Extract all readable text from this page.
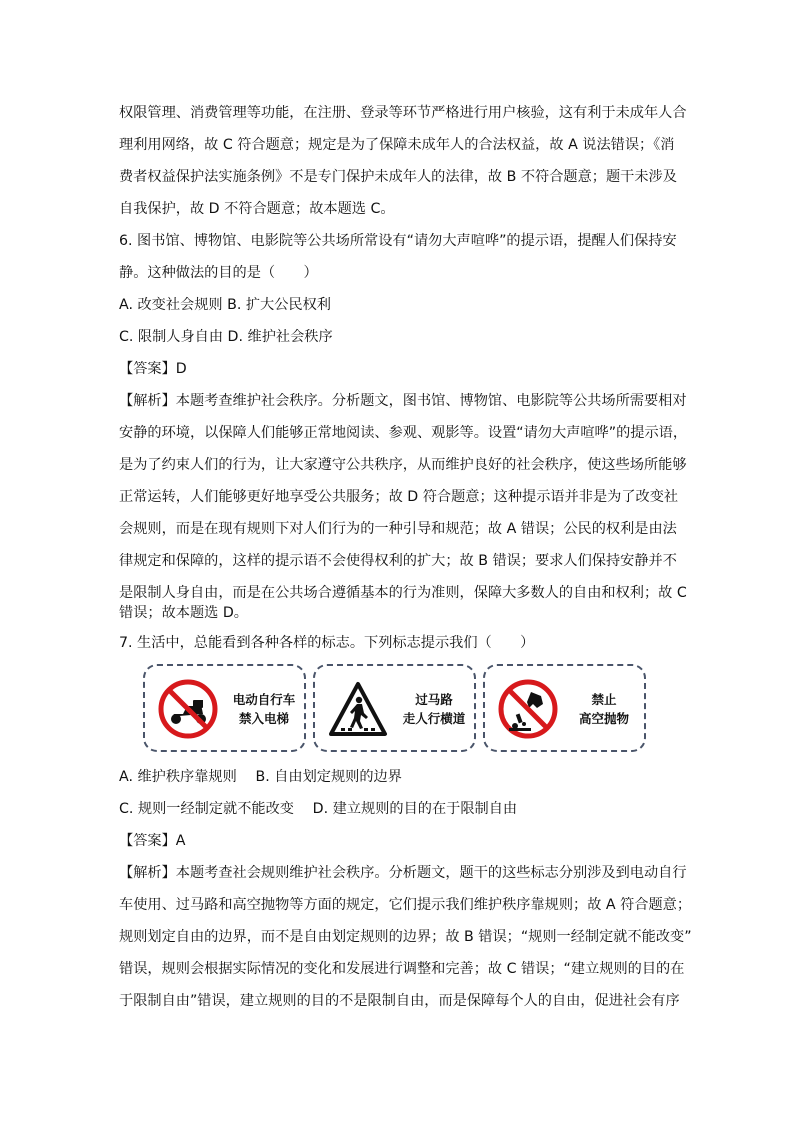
权限管理、消费管理等功能，在注册、登录等环节严格进行用户核验，这有利于未成年人合
理利用网络，故 C 符合题意；规定是为了保障未成年人的合法权益，故 A 说法错误；《消
费者权益保护法实施条例》不是专门保护未成年人的法律，故 B 不符合题意；题干未涉及
自我保护，故 D 不符合题意；故本题选 C。
6. 图书馆、博物馆、电影院等公共场所常设有“请勿大声喧哗”的提示语，提醒人们保持安
静。这种做法的目的是（　　）
A. 改变社会规则 B. 扩大公民权利
C. 限制人身自由 D. 维护社会秩序
【答案】D
【解析】本题考查维护社会秩序。分析题文，图书馆、博物馆、电影院等公共场所需要相对
安静的环境，以保障人们能够正常地阅读、参观、观影等。设置“请勿大声喧哗”的提示语，
是为了约束人们的行为，让大家遵守公共秩序，从而维护良好的社会秩序，使这些场所能够
正常运转，人们能够更好地享受公共服务；故 D 符合题意；这种提示语并非是为了改变社
会规则，而是在现有规则下对人们行为的一种引导和规范；故 A 错误；公民的权利是由法
律规定和保障的，这样的提示语不会使得权利的扩大；故 B 错误；要求人们保持安静并不
是限制人身自由，而是在公共场合遵循基本的行为准则，保障大多数人的自由和权利；故 C
错误；故本题选 D。
7. 生活中，总能看到各种各样的标志。下列标志提示我们（　　）
电动自行车
禁入电梯
过马路
走人行横道
禁止
高空抛物
A. 维护秩序靠规则　 B. 自由划定规则的边界
C. 规则一经制定就不能改变　 D. 建立规则的目的在于限制自由
【答案】A
【解析】本题考查社会规则维护社会秩序。分析题文，题干的这些标志分别涉及到电动自行
车使用、过马路和高空抛物等方面的规定，它们提示我们维护秩序靠规则；故 A 符合题意；
规则划定自由的边界，而不是自由划定规则的边界；故 B 错误；“规则一经制定就不能改变”
错误，规则会根据实际情况的变化和发展进行调整和完善；故 C 错误；“建立规则的目的在
于限制自由”错误，建立规则的目的不是限制自由，而是保障每个人的自由，促进社会有序
